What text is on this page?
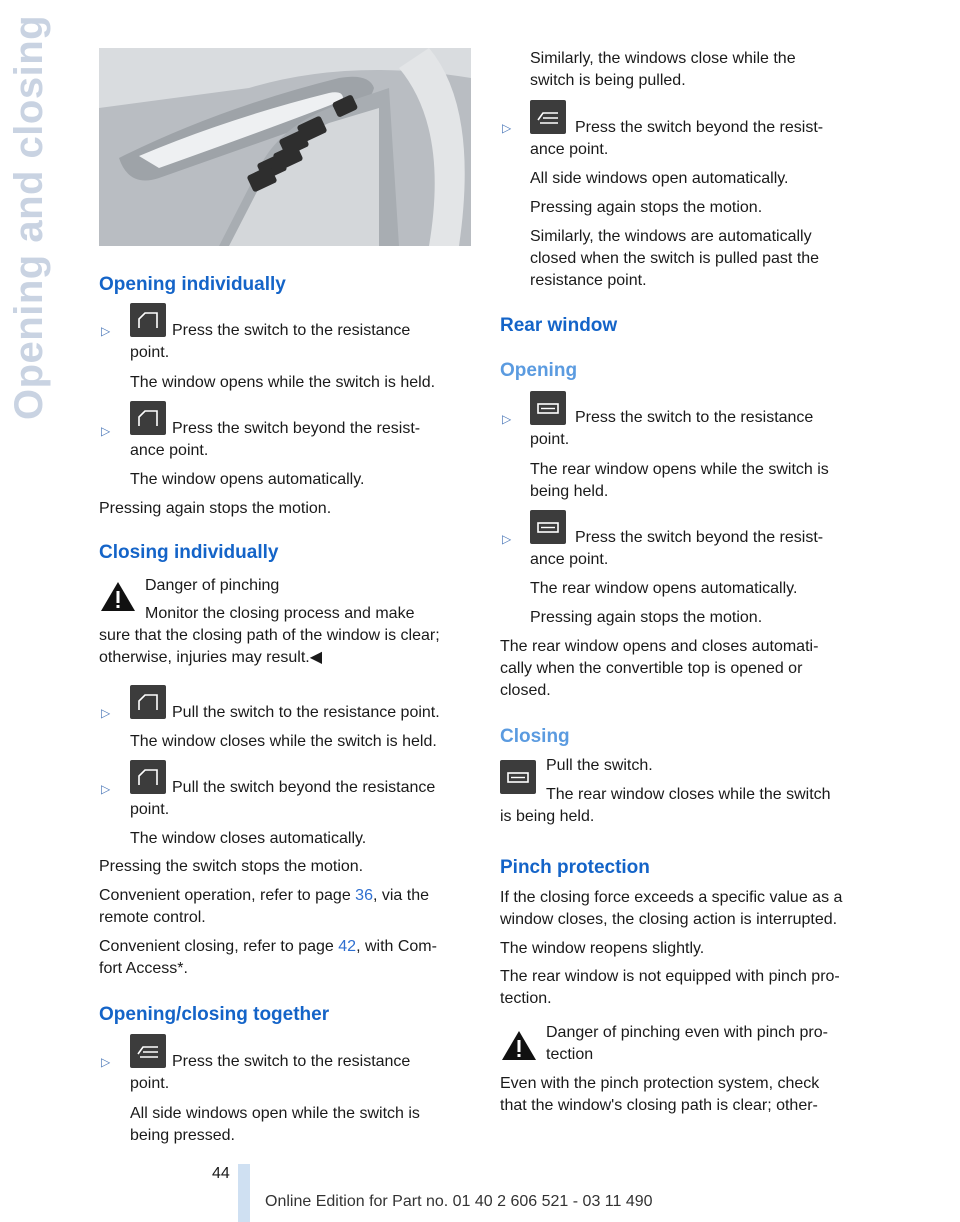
Opening and closing	Opening individually
▷	Press the switch to the resistance
point.
The window opens while the switch is held.
▷	Press the switch beyond the resist‐
ance point.
The window opens automatically.
Pressing again stops the motion.
Closing individually
Danger of pinching
Monitor the closing process and make
sure that the closing path of the window is clear;
otherwise, injuries may result.◀
▷	Pull the switch to the resistance point.
The window closes while the switch is held.
▷	Pull the switch beyond the resistance
point.
The window closes automatically.
Pressing the switch stops the motion.
Convenient operation, refer to page 36, via the
remote control.
Convenient closing, refer to page 42, with Com‐
fort Access*.
Opening/closing together
▷	Press the switch to the resistance
point.
All side windows open while the switch is
being pressed.
Similarly, the windows close while the
switch is being pulled.
▷	Press the switch beyond the resist‐
ance point.
All side windows open automatically.
Pressing again stops the motion.
Similarly, the windows are automatically
closed when the switch is pulled past the
resistance point.
Rear window
Opening
▷	Press the switch to the resistance
point.
The rear window opens while the switch is
being held.
▷	Press the switch beyond the resist‐
ance point.
The rear window opens automatically.
Pressing again stops the motion.
The rear window opens and closes automati‐
cally when the convertible top is opened or
closed.
Closing
Pull the switch.
The rear window closes while the switch
is being held.
Pinch protection
If the closing force exceeds a specific value as a
window closes, the closing action is interrupted.
The window reopens slightly.
The rear window is not equipped with pinch pro‐
tection.
Danger of pinching even with pinch pro‐
tection
Even with the pinch protection system, check
that the window's closing path is clear; other‐
44
Online Edition for Part no. 01 40 2 606 521 - 03 11 490
